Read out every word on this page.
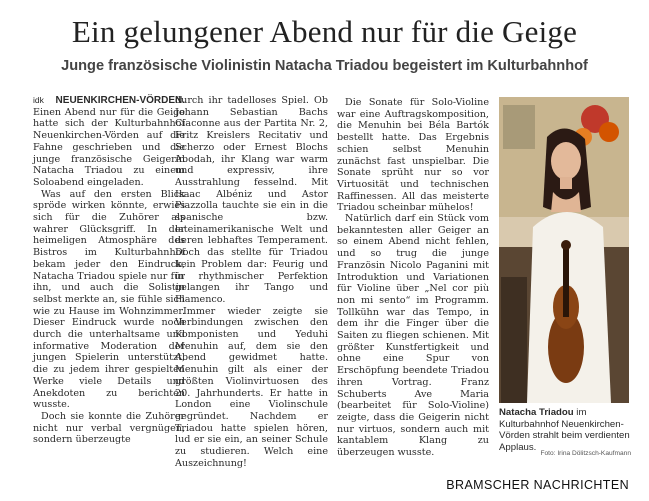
Ein gelungener Abend nur für die Geige
Junge französische Violinistin Natacha Triadou begeistert im Kulturbahnhof

idk NEUENKIRCHEN-VÖRDEN. Einen Abend nur für die Geige hatte sich der Kulturbahnhof Neuenkirchen-Vörden auf die Fahne geschrieben und die junge französische Geigerin Natacha Triadou zu einem Soloabend eingeladen.

Was auf den ersten Blick spröde wirken könnte, erwies sich für die Zuhörer als wahrer Glücksgriff. In der heimeligen Atmosphäre des Bistros im Kulturbahnhof bekam jeder den Eindruck, Natacha Triadou spiele nur für ihn, und auch die Solistin selbst merkte an, sie fühle sich wie zu Hause im Wohnzimmer. Dieser Eindruck wurde noch durch die unterhaltsame und informative Moderation der jungen Spielerin unterstützt, die zu jedem ihrer gespielten Werke viele Details und Anekdoten zu berichten wusste.

Doch sie konnte die Zuhörer nicht nur verbal vergnügen, sondern überzeugte

durch ihr tadelloses Spiel. Ob Johann Sebastian Bachs Ciaconne aus der Partita Nr. 2, Fritz Kreislers Recitativ und Scherzo oder Ernest Blochs Abodah, ihr Klang war warm und expressiv, ihre Ausstrahlung fesselnd. Mit Isaac Albéniz und Astor Piazzolla tauchte sie ein in die spanische bzw. lateinamerikanische Welt und deren lebhaftes Temperament. Doch das stellte für Triadou kein Problem dar: Feurig und in rhythmischer Perfektion gelangen ihr Tango und Flamenco.

Immer wieder zeigte sie Verbindungen zwischen den Komponisten und Yeduhi Menuhin auf, dem sie den Abend gewidmet hatte. Menuhin gilt als einer der größten Violinvirtuosen des 20. Jahrhunderts. Er hatte in London eine Violinschule gegründet. Nachdem er Triadou hatte spielen hören, lud er sie ein, an seiner Schule zu studieren. Welch eine Auszeichnung!

Die Sonate für Solo-Violine war eine Auftragskomposition, die Menuhin bei Béla Bartók bestellt hatte. Das Ergebnis schien selbst Menuhin zunächst fast unspielbar. Die Sonate sprüht nur so vor Virtuosität und technischen Raffinessen. All das meisterte Triadou scheinbar mühelos!

Natürlich darf ein Stück vom bekanntesten aller Geiger an so einem Abend nicht fehlen, und so trug die junge Französin Nicolo Paganini mit Introduktion und Variationen für Violine über „Nel cor più non mi sento“ im Programm. Tollkühn war das Tempo, in dem ihr die Finger über die Saiten zu fliegen schienen. Mit größter Kunstfertigkeit und ohne eine Spur von Erschöpfung beendete Triadou ihren Vortrag. Franz Schuberts Ave Maria (bearbeitet für Solo-Violine) zeigte, dass die Geigerin nicht nur virtuos, sondern auch mit kantablem Klang zu überzeugen wusste.

Natacha Triadou im Kulturbahnhof Neuenkirchen-Vörden strahlt beim verdienten Applaus.
Foto: Irina Dölitzsch-Kaufmann
BRAMSCHER NACHRICHTEN
